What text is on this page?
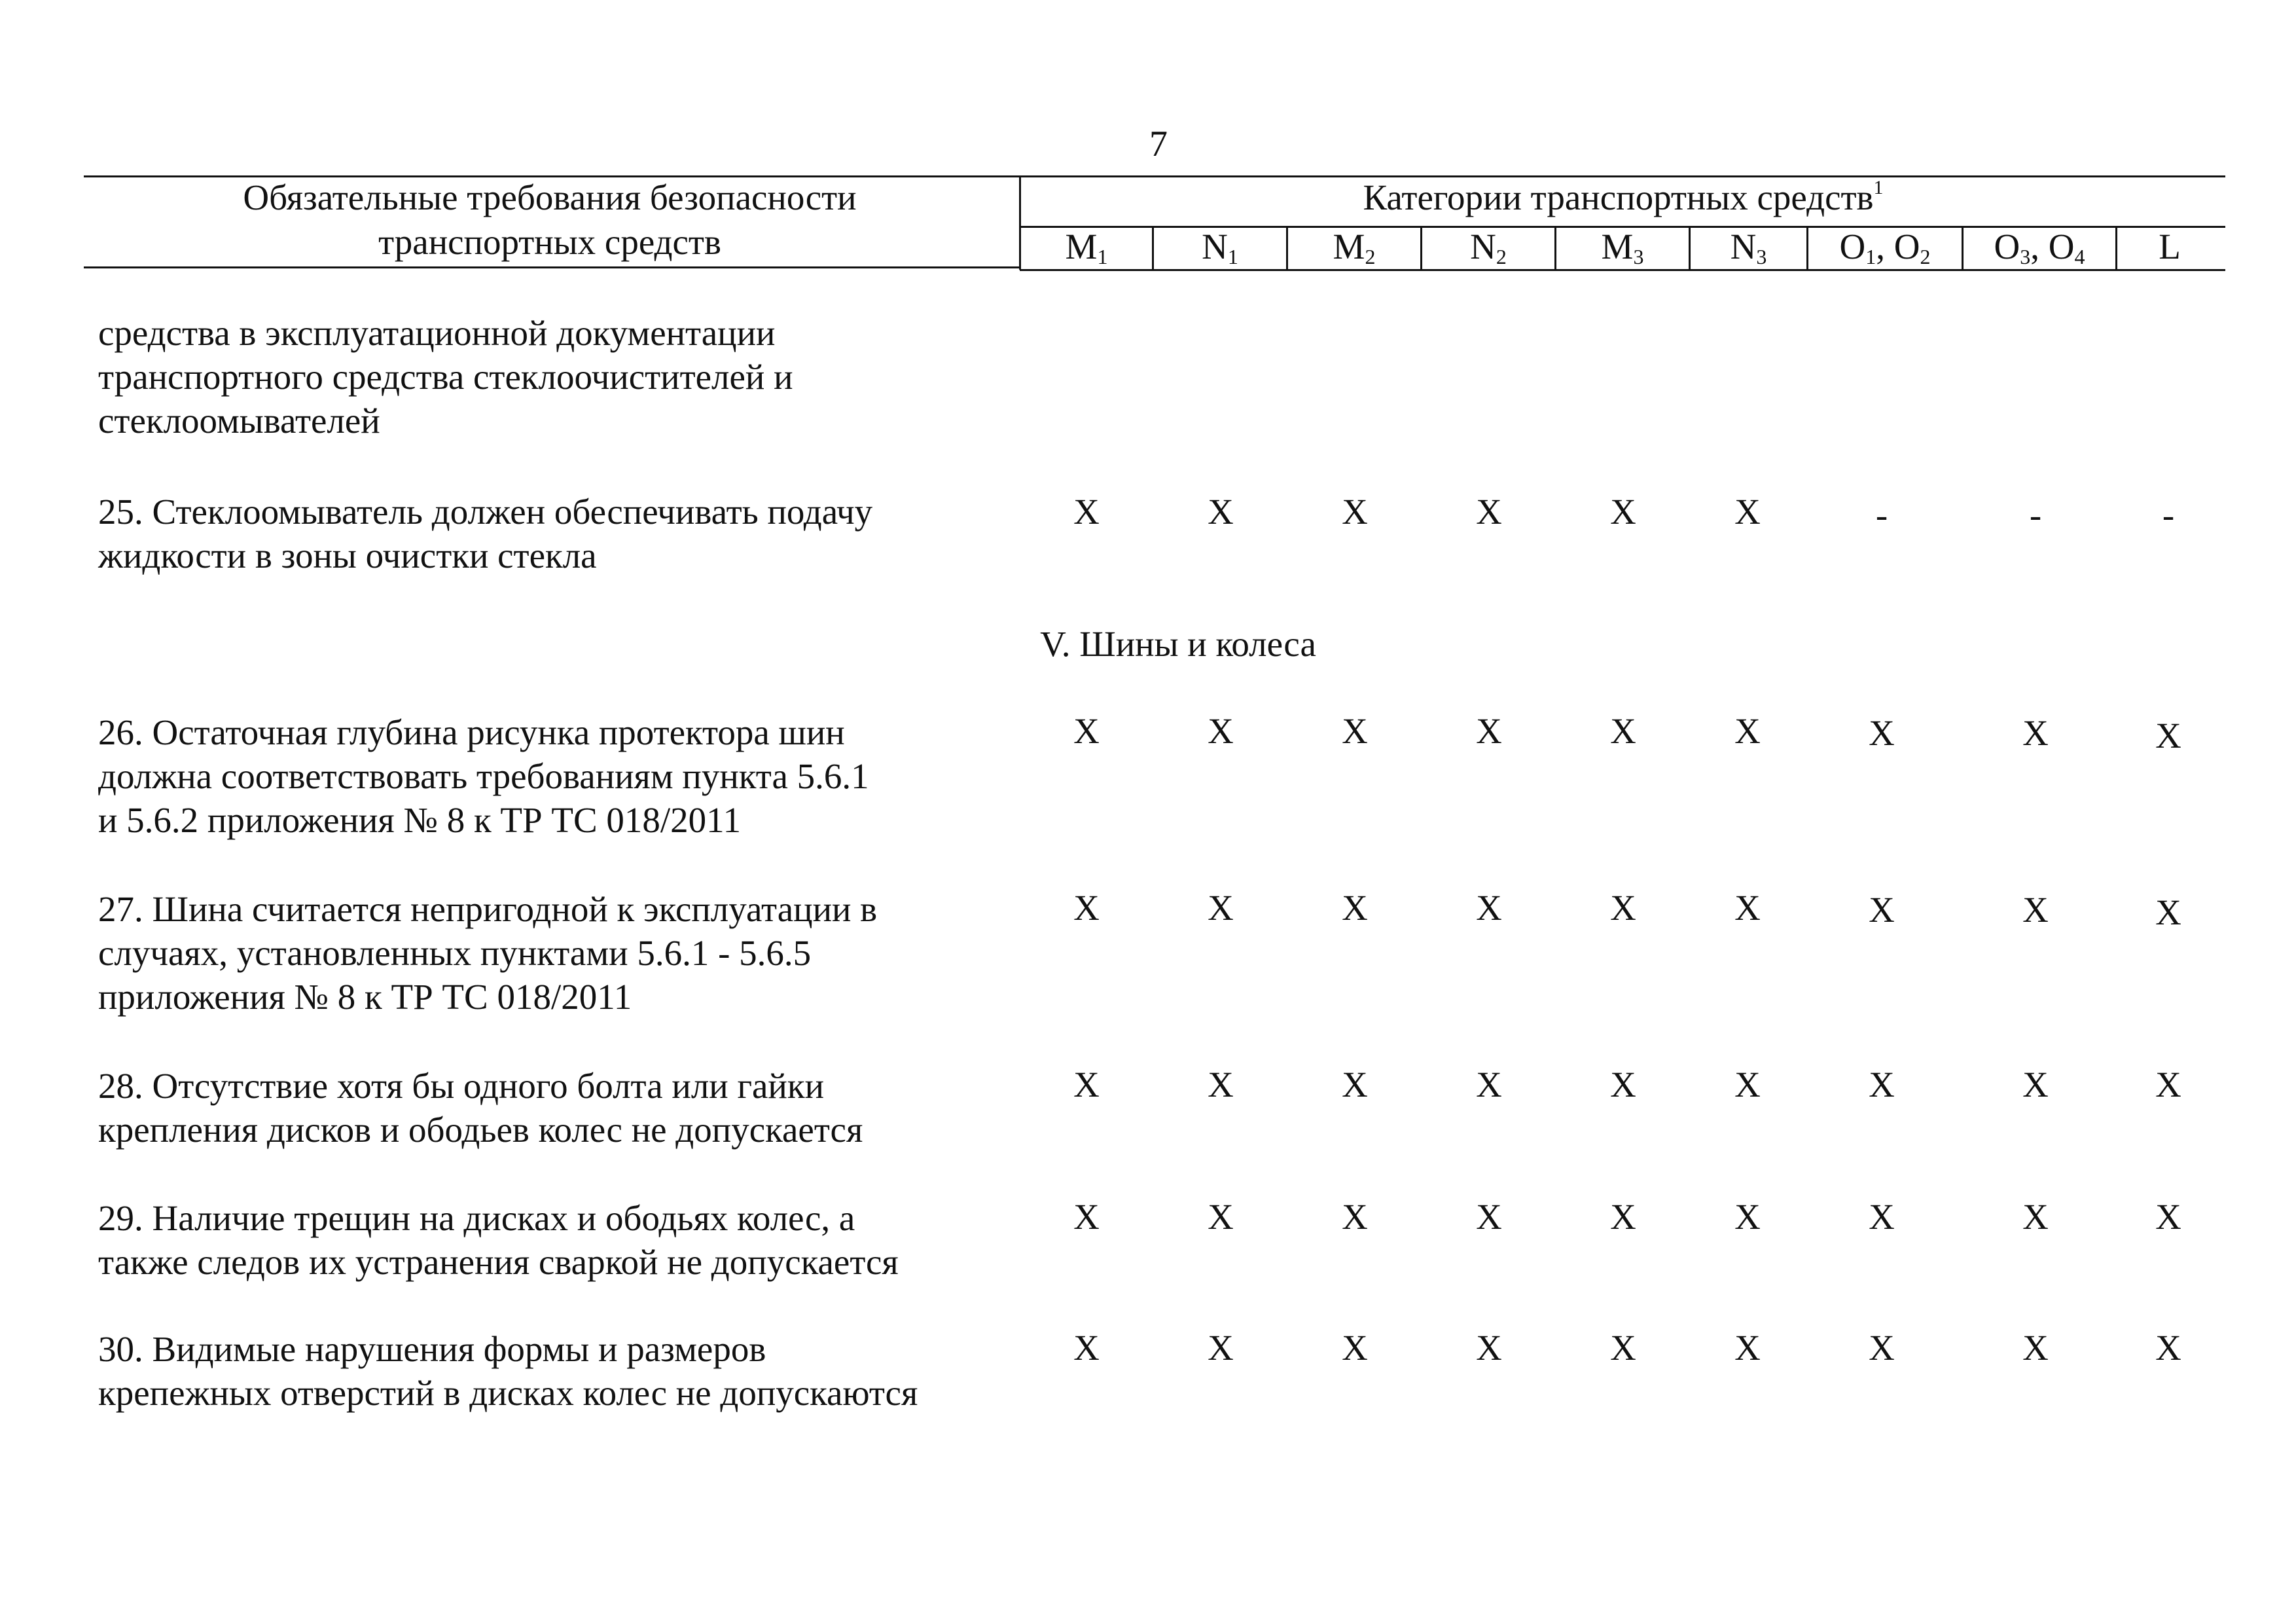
7
Обязательные требования безопасности
транспортных средств
Категории транспортных средств$^1$
$M_1$	$N_1$	$M_2$	$N_2$	$M_3$	$N_3$	$O_1$, $O_2$	$O_3$, $O_4$	L
средства в эксплуатационной документации
транспортного средства стеклоочистителей и
стеклоомывателей
25. Стеклоомыватель должен обеспечивать подачу
жидкости в зоны очистки стекла
X	X	X	X	X	X	-	-	-
V. Шины и колеса
26. Остаточная глубина рисунка протектора шин
должна соответствовать требованиям пункта 5.6.1
и 5.6.2 приложения № 8 к ТР ТС 018/2011
X	X	X	X	X	X	X	X	X
27. Шина считается непригодной к эксплуатации в
случаях, установленных пунктами 5.6.1 - 5.6.5
приложения № 8 к ТР ТС 018/2011
X	X	X	X	X	X	X	X	X
28. Отсутствие хотя бы одного болта или гайки
крепления дисков и ободьев колес не допускается
X	X	X	X	X	X	X	X	X
29. Наличие трещин на дисках и ободьях колес, а
также следов их устранения сваркой не допускается
X	X	X	X	X	X	X	X	X
30. Видимые нарушения формы и размеров
крепежных отверстий в дисках колес не допускаются
X	X	X	X	X	X	X	X	X
